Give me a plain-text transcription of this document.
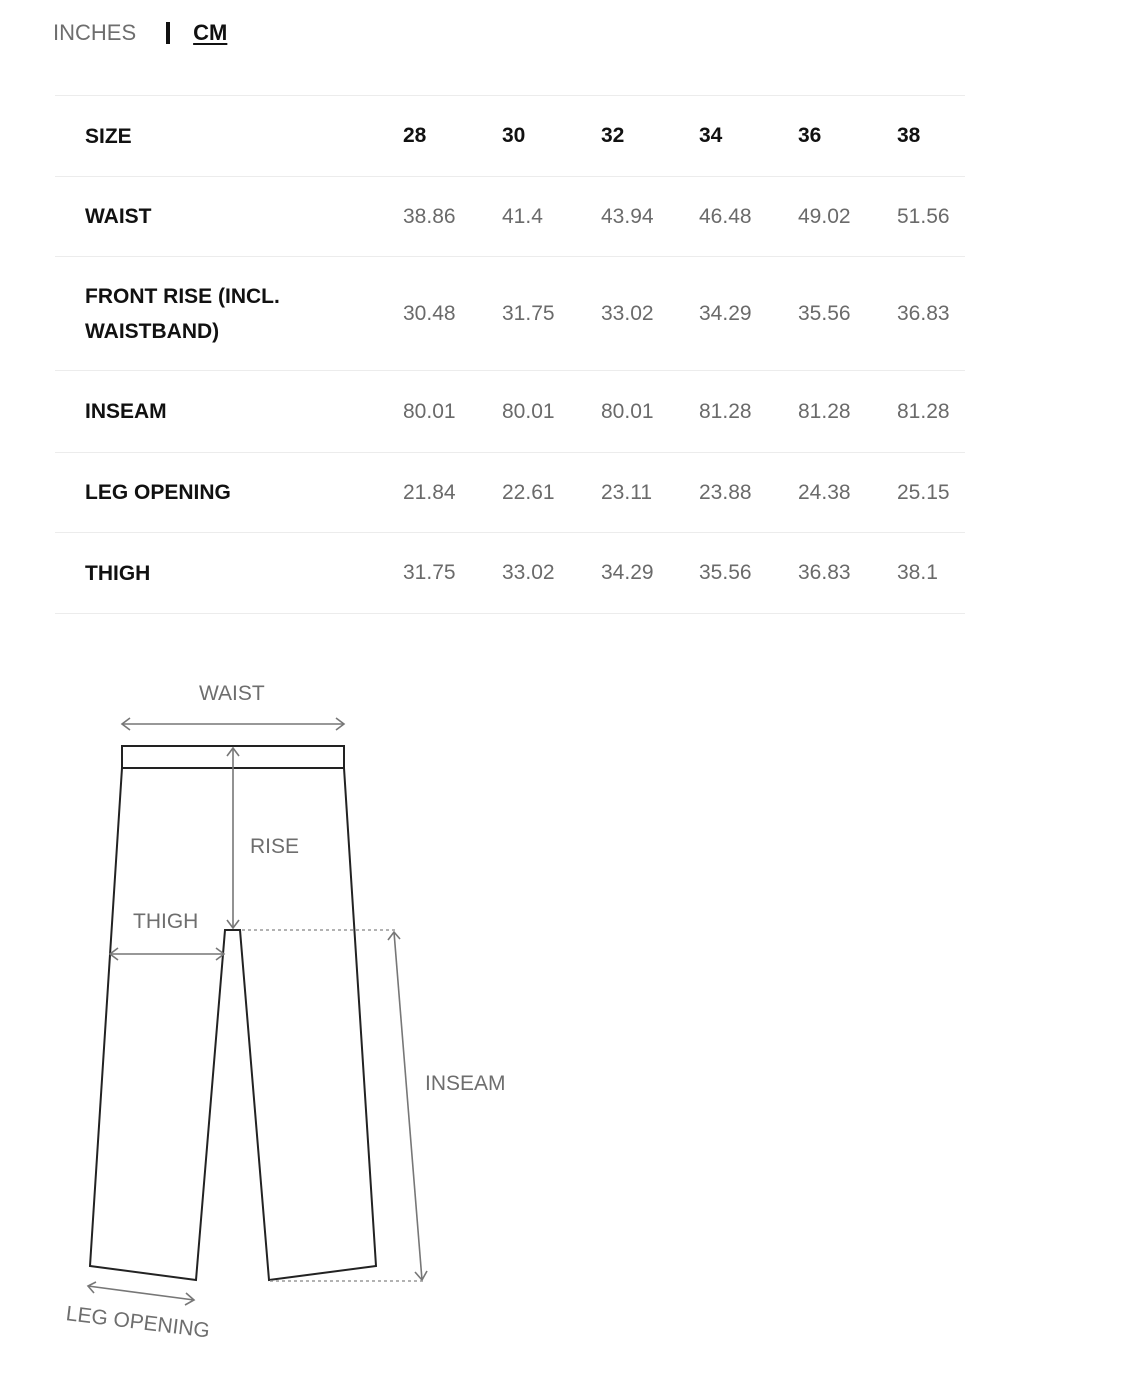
INCHES	CM
SIZE	28	30	32	34	36	38
WAIST	38.86	41.4	43.94	46.48	49.02	51.56
FRONT RISE (INCL. WAISTBAND)	30.48	31.75	33.02	34.29	35.56	36.83
INSEAM	80.01	80.01	80.01	81.28	81.28	81.28
LEG OPENING	21.84	22.61	23.11	23.88	24.38	25.15
THIGH	31.75	33.02	34.29	35.56	36.83	38.1
WAIST
RISE
THIGH
INSEAM
LEG OPENING
